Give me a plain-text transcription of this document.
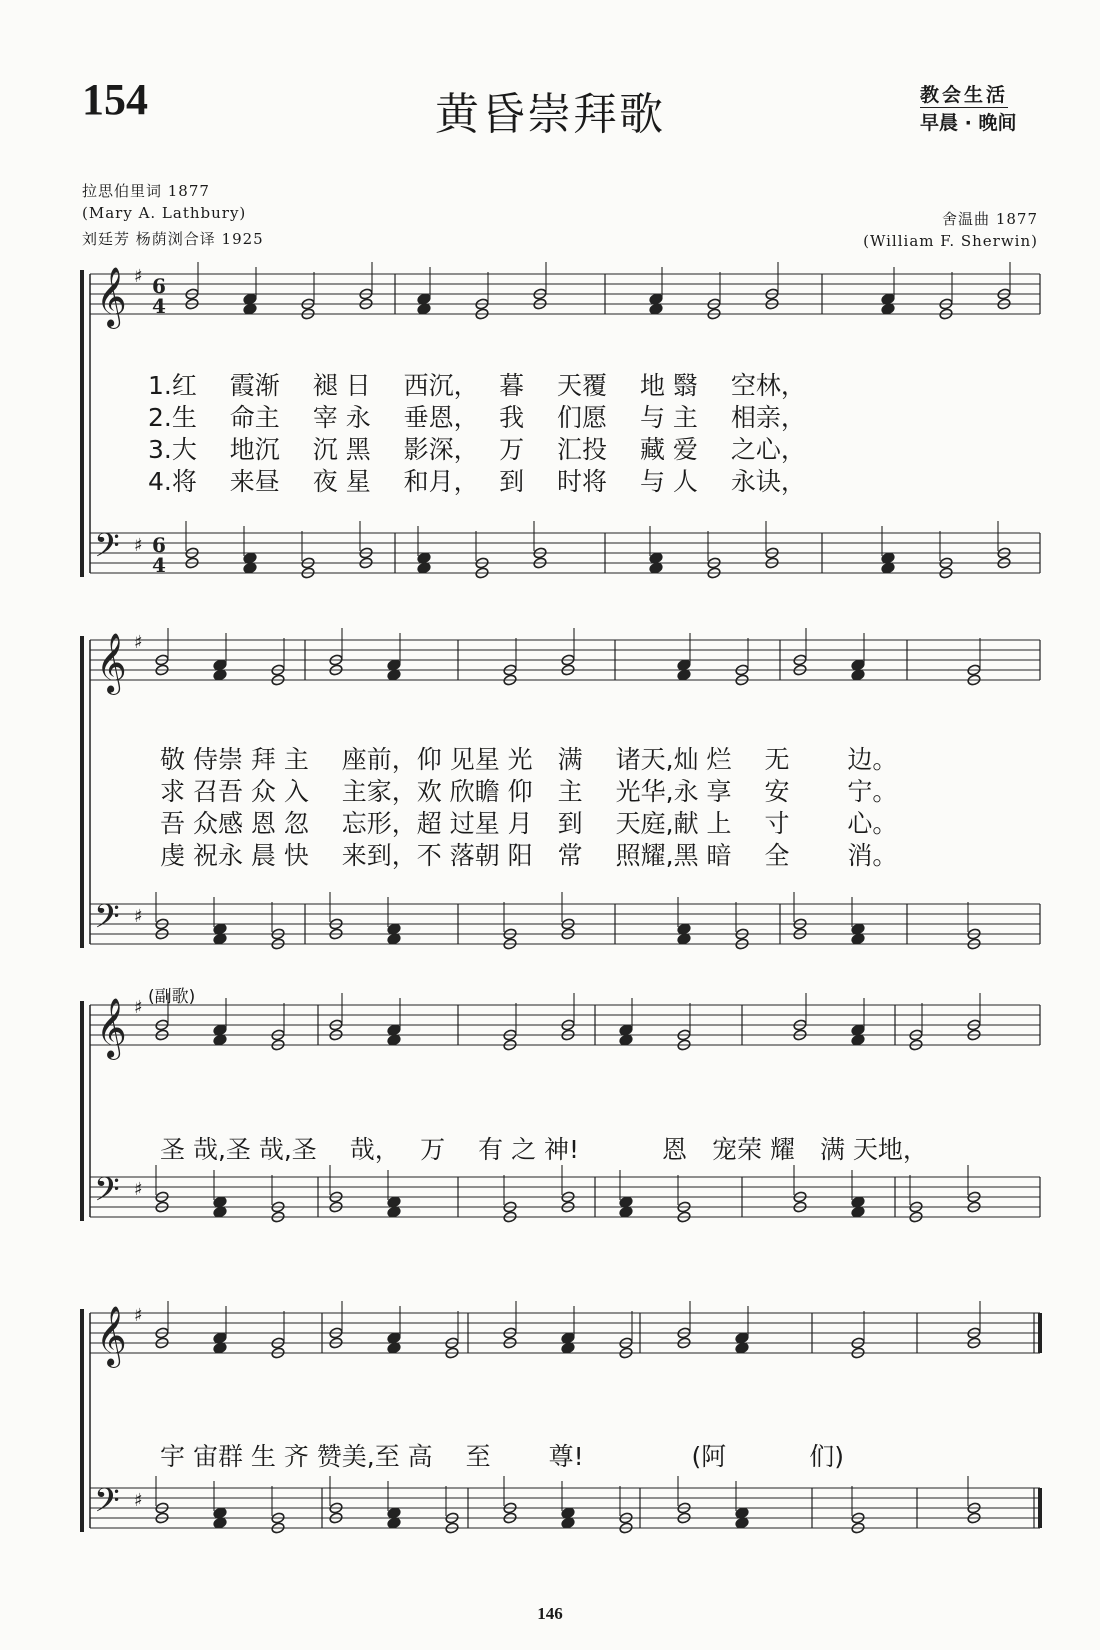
154	黄昏崇拜歌	教会生活
早晨 · 晚间
拉思伯里词 1877
(Mary A. Lathbury)
刘廷芳 杨荫浏合译 1925
舍温曲 1877
(William F. Sherwin)
𝄞 ♯ 6
4
𝄢 ♯ 6
4
𝄞 ♯
𝄢 ♯
𝄞 ♯
𝄢 ♯
𝄞 ♯
𝄢 ♯
1.红　 霞渐　 褪 日　 西沉，　 暮　 天覆　 地 翳　 空林，
2.生　 命主　 宰 永　 垂恩，　 我　 们愿　 与 主　 相亲，
3.大　 地沉　 沉 黑　 影深，　 万　 汇投　 藏 爱　 之心，
4.将　 来昼　 夜 星　 和月，　 到　 时将　 与 人　 永诀，
敬 侍崇 拜 主　 座前，仰 见星 光　满　 诸天,灿 烂　 无　　 边。
求 召吾 众 入　 主家，欢 欣瞻 仰　主　 光华,永 享　 安　　 宁。
吾 众感 恩 忽　 忘形，超 过星 月　到　 天庭,献 上　 寸　　 心。
虔 祝永 晨 快　 来到，不 落朝 阳　常　 照耀,黑 暗　 全　　 消。
(副歌)
圣 哉,圣 哉,圣　 哉，　 万　 有 之 神!　　　 恩　宠荣 耀　满 天地，
宇 宙群 生 齐 赞美,至 高　 至　　 尊!　　　　 (阿　　　 们)
146
